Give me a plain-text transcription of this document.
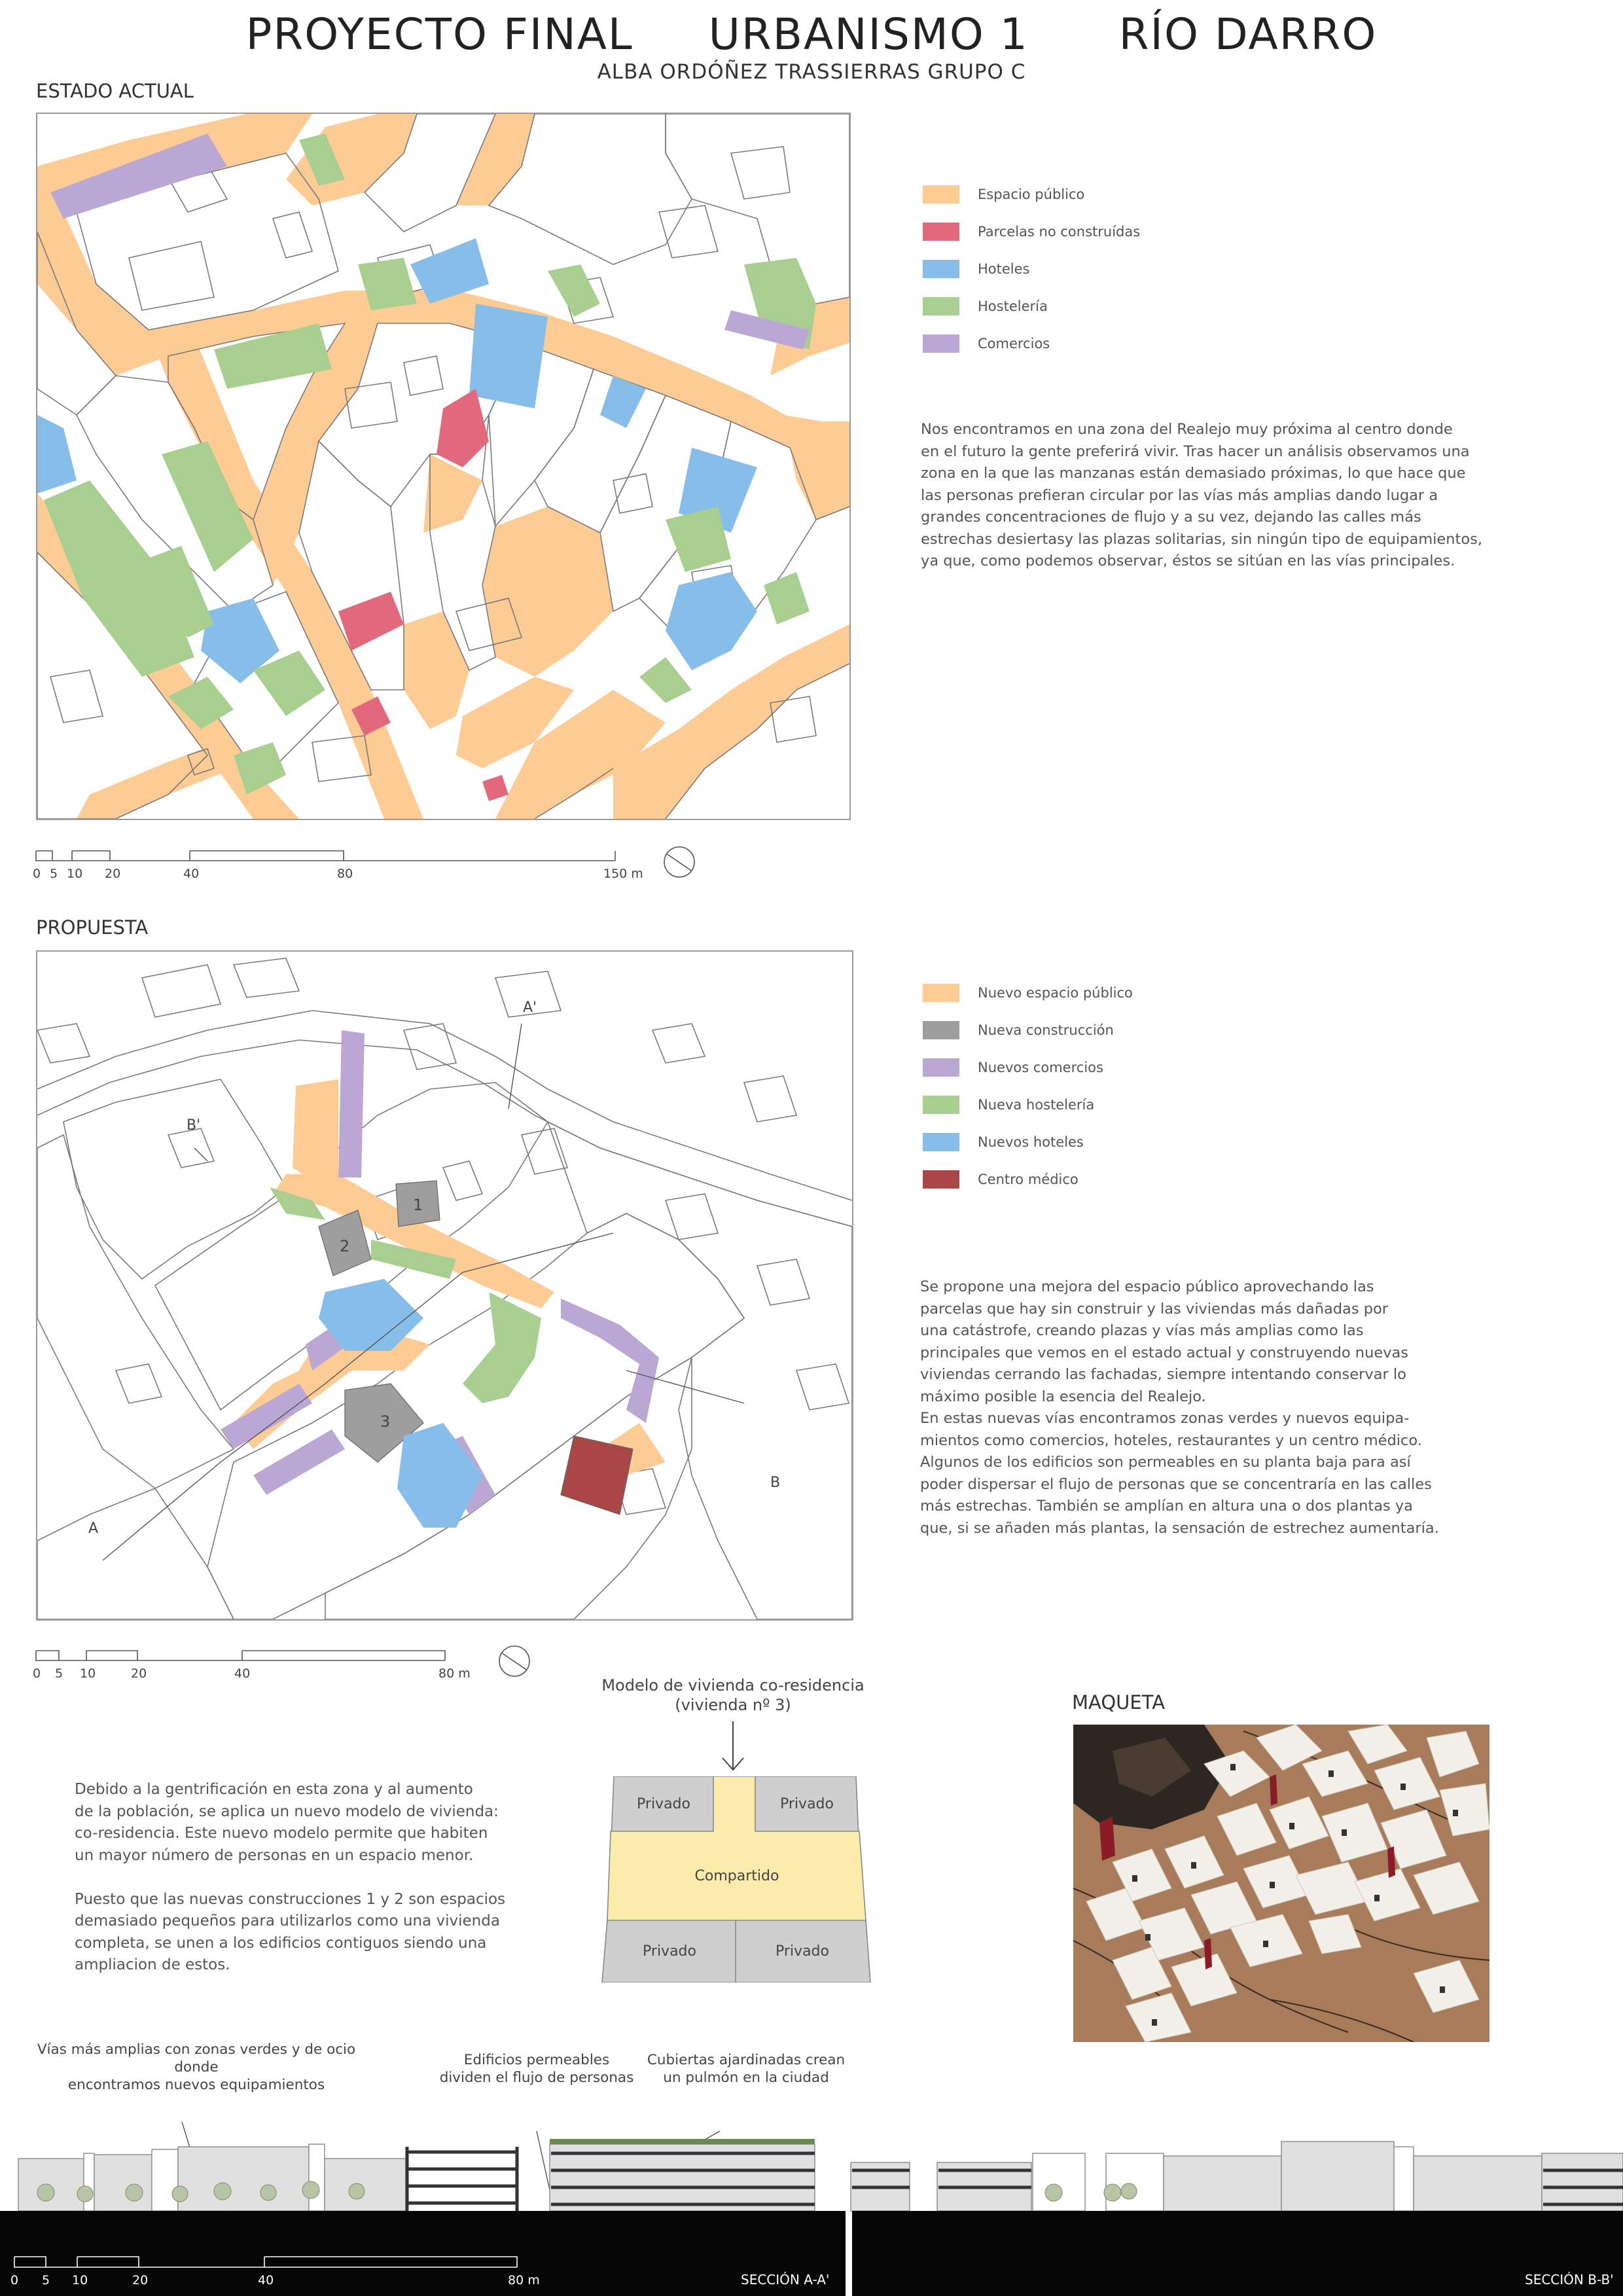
PROYECTO FINAL     URBANISMO 1      RÍO DARRO
ALBA ORDÓÑEZ TRASSIERRAS GRUPO C
ESTADO ACTUAL
Espacio público
Parcelas no construídas
Hoteles
Hostelería
Comercios
Nos encontramos en una zona del Realejo muy próxima al centro donde
en el futuro la gente preferirá vivir. Tras hacer un análisis observamos una
zona en la que las manzanas están demasiado próximas, lo que hace que
las personas prefieran circular por las vías más amplias dando lugar a
grandes concentraciones de flujo y a su vez, dejando las calles más
estrechas desiertasy las plazas solitarias, sin ningún tipo de equipamientos,
ya que, como podemos observar, éstos se sitúan en las vías principales.
0 5 10 20	40	80	150 m
PROPUESTA
A'
B'
A
B
1
2
3
Nuevo espacio público
Nueva construcción
Nuevos comercios
Nueva hostelería
Nuevos hoteles
Centro médico
Se propone una mejora del espacio público aprovechando las
parcelas que hay sin construir y las viviendas más dañadas por
una catástrofe, creando plazas y vías más amplias como las
principales que vemos en el estado actual y construyendo nuevas
viviendas cerrando las fachadas, siempre intentando conservar lo
máximo posible la esencia del Realejo.
En estas nuevas vías encontramos zonas verdes y nuevos equipa-
mientos como comercios, hoteles, restaurantes y un centro médico.
Algunos de los edificios son permeables en su planta baja para así
poder dispersar el flujo de personas que se concentraría en las calles
más estrechas. También se amplían en altura una o dos plantas ya
que, si se añaden más plantas, la sensación de estrechez aumentaría.
0 5 10	20	40	80 m
Debido a la gentrificación en esta zona y al aumento
de la población, se aplica un nuevo modelo de vivienda:
co-residencia. Este nuevo modelo permite que habiten
un mayor número de personas en un espacio menor.

Puesto que las nuevas construcciones 1 y 2 son espacios
demasiado pequeños para utilizarlos como una vivienda
completa, se unen a los edificios contiguos siendo una
ampliacion de estos.
Modelo de vivienda co-residencia
(vivienda nº 3)
Privado	Privado
Compartido
Privado	Privado
MAQUETA
Vías más amplias con zonas verdes y de ocio donde
encontramos nuevos equipamientos
Edificios permeables
dividen el flujo de personas
Cubiertas ajardinadas crean
un pulmón en la ciudad
0 5 10	20	40	80 m	SECCIÓN A-A'	SECCIÓN B-B'
